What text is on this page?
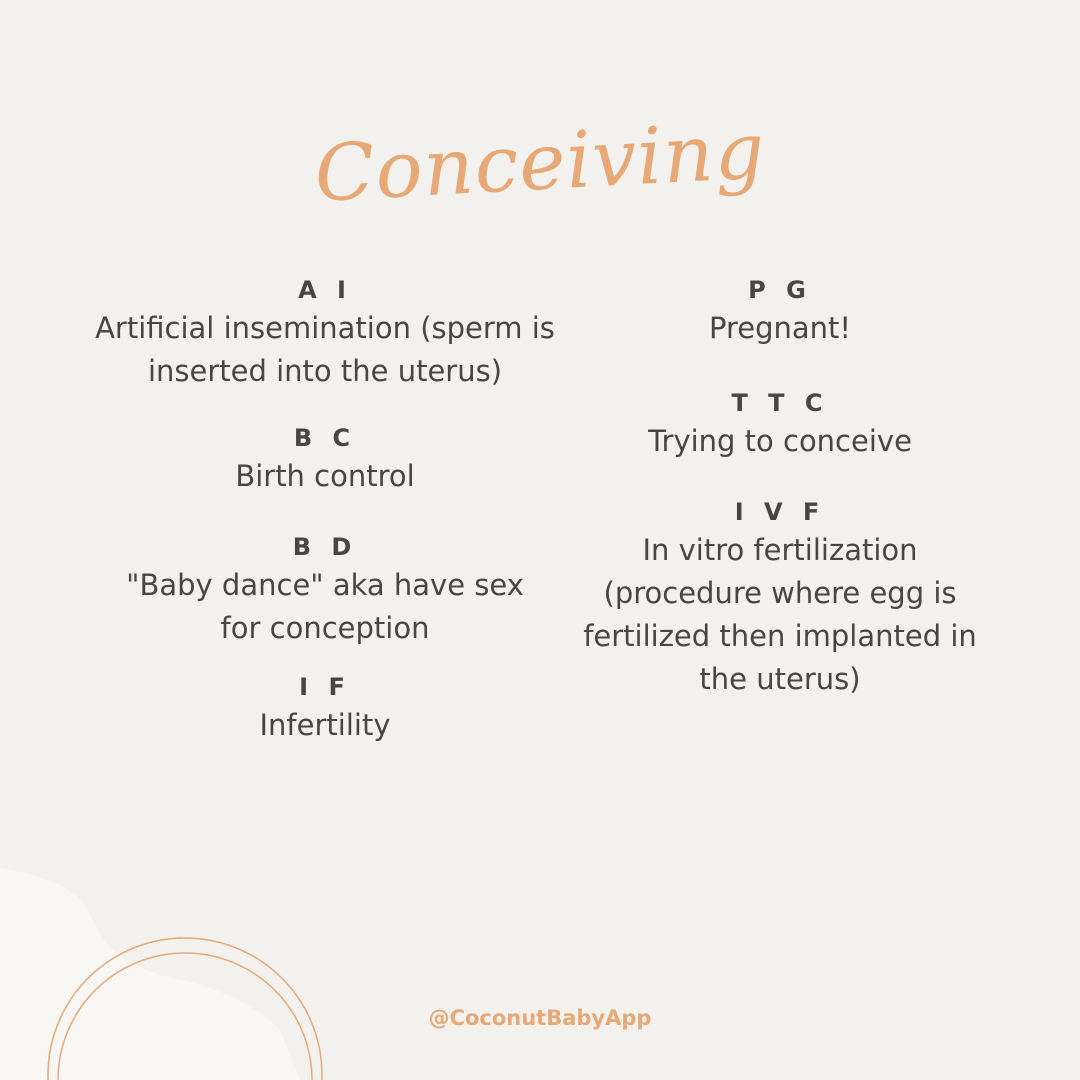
Conceiving

A I

Artificial insemination (sperm is inserted into the uterus)

B C

Birth control

B D

"Baby dance" aka have sex for conception

I F

Infertility

P G

Pregnant!

T T C

Trying to conceive

I V F

In vitro fertilization (procedure where egg is fertilized then implanted in the uterus)

@CoconutBabyApp
